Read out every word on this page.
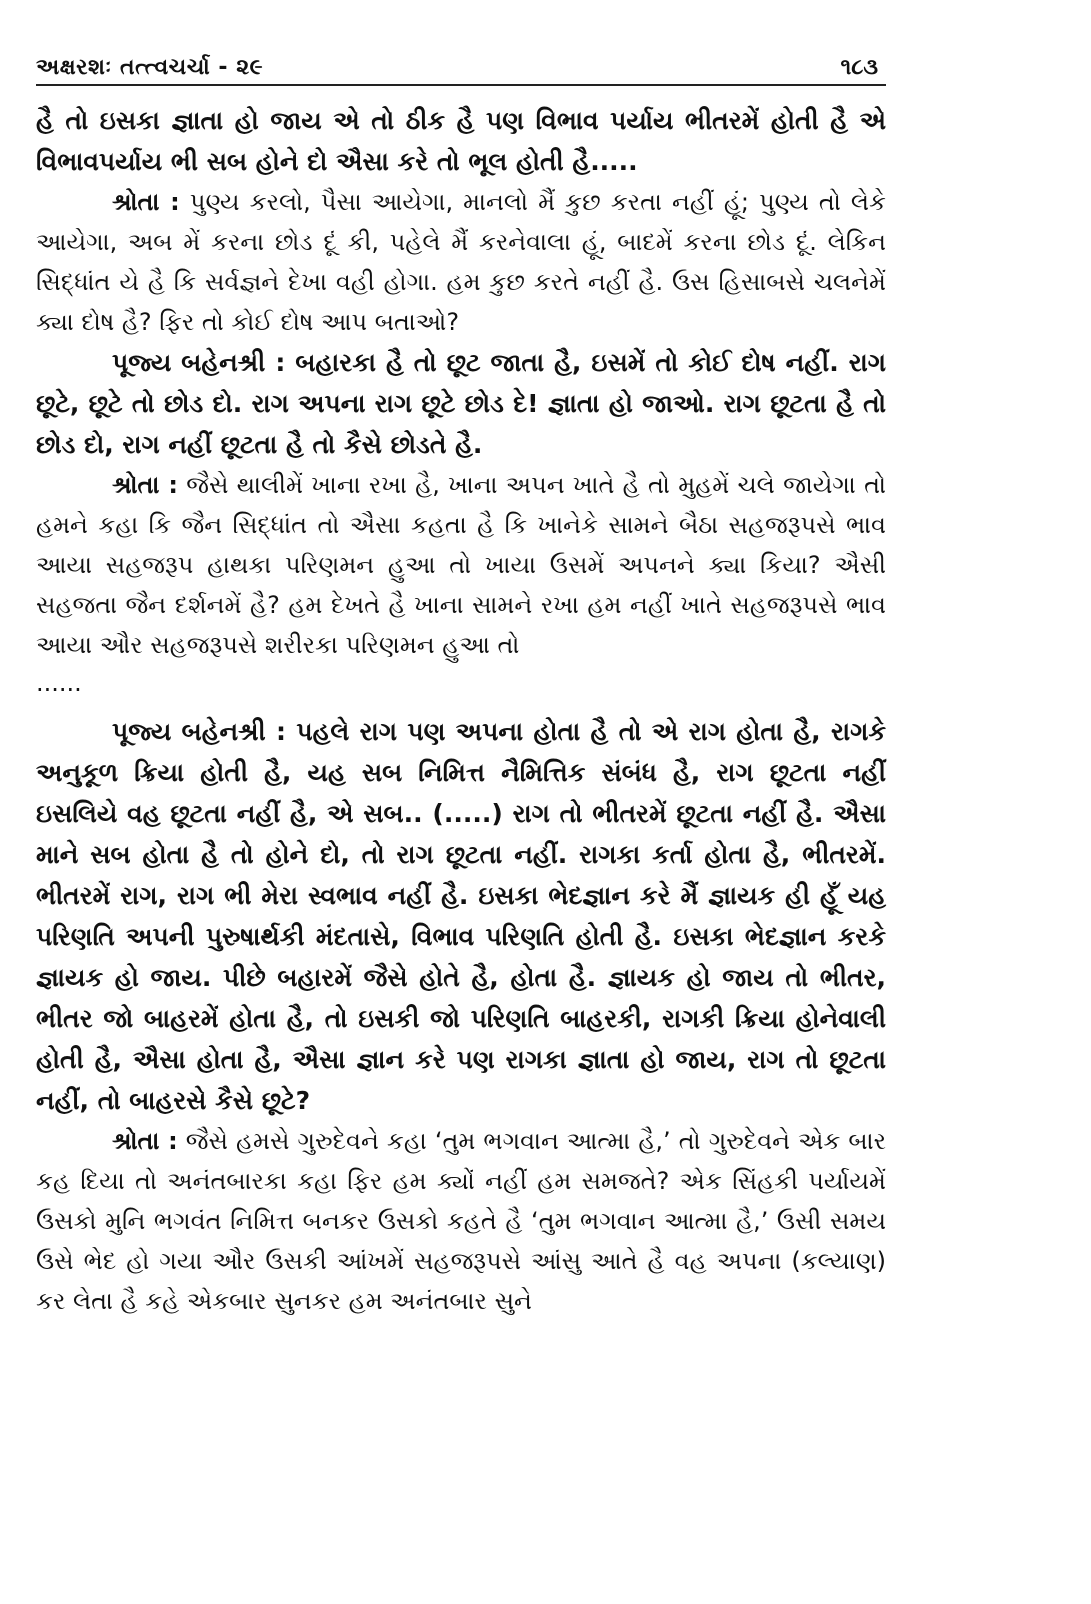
અક્ષરશઃ તત્ત્વચર્ચા - ૨૯	૧૮૩

હૈ તો ઇસકા જ્ઞાતા હો જાય એ તો ઠીક હૈ પણ વિભાવ પર્યાય ભીતરમેં હોતી હૈ એ વિભાવપર્યાય ભી સબ હોને દો ઐસા કરે તો ભૂલ હોતી હૈ.....

શ્રોતા : પુણ્ય કરલો, પૈસા આયેગા, માનલો મૈં કુછ કરતા નહીં હૂં; પુણ્ય તો લેકે આયેગા, અબ મેં કરના છોડ દૂં કી, પહેલે મૈં કરનેવાલા હૂં, બાદમેં કરના છોડ દૂં. લેકિન સિદ્ધાંત યે હૈ કિ સર્વજ્ઞને દેખા વહી હોગા. હમ કુછ કરતે નહીં હૈ. ઉસ હિસાબસે ચલનેમેં ક્યા દોષ હૈ? ફિર તો કોઈ દોષ આપ બતાઓ?

પૂજ્ય બહેનશ્રી : બહારકા હૈ તો છૂટ જાતા હૈ, ઇસમેં તો કોઈ દોષ નહીં. રાગ છૂટે, છૂટે તો છોડ દો. રાગ અપના રાગ છૂટે છોડ દે! જ્ઞાતા હો જાઓ. રાગ છૂટતા હૈ તો છોડ દો, રાગ નહીં છૂટતા હૈ તો કૈસે છોડતે હૈ.

શ્રોતા : જૈસે થાલીમેં ખાના રખા હૈ, ખાના અપન ખાતે હૈ તો મુહમેં ચલે જાયેગા તો હમને કહા કિ જૈન સિદ્ધાંત તો ઐસા કહતા હૈ કિ ખાનેકે સામને બૈઠા સહજરૂપસે ભાવ આયા સહજરૂપ હાથકા પરિણમન હુઆ તો ખાયા ઉસમેં અપનને ક્યા કિયા? ઐસી સહજતા જૈન દર્શનમેં હૈ? હમ દેખતે હૈ ખાના સામને રખા હમ નહીં ખાતે સહજરૂપસે ભાવ આયા ઔર સહજરૂપસે શરીરકા પરિણમન હુઆ તો

......

પૂજ્ય બહેનશ્રી : પહલે રાગ પણ અપના હોતા હૈ તો એ રાગ હોતા હૈ, રાગકે અનુકૂળ ક્રિયા હોતી હૈ, યહ સબ નિમિત્ત નૈમિત્તિક સંબંધ હૈ, રાગ છૂટતા નહીં ઇસલિયે વહ છૂટતા નહીં હૈ, એ સબ.. (.....) રાગ તો ભીતરમેં છૂટતા નહીં હૈ. ઐસા માને સબ હોતા હૈ તો હોને દો, તો રાગ છૂટતા નહીં. રાગકા કર્તા હોતા હૈ, ભીતરમેં. ભીતરમેં રાગ, રાગ ભી મેરા સ્વભાવ નહીં હૈ. ઇસકા ભેદજ્ઞાન કરે મૈં જ્ઞાયક હી હૂઁ યહ પરિણતિ અપની પુરુષાર્થકી મંદતાસે, વિભાવ પરિણતિ હોતી હૈ. ઇસકા ભેદજ્ઞાન કરકે જ્ઞાયક હો જાય. પીછે બહારમેં જૈસે હોતે હૈ, હોતા હૈ. જ્ઞાયક હો જાય તો ભીતર, ભીતર જો બાહરમેં હોતા હૈ, તો ઇસકી જો પરિણતિ બાહરકી, રાગકી ક્રિયા હોનેવાલી હોતી હૈ, ઐસા હોતા હૈ, ઐસા જ્ઞાન કરે પણ રાગકા જ્ઞાતા હો જાય, રાગ તો છૂટતા નહીં, તો બાહરસે કૈસે છૂટે?

શ્રોતા : જૈસે હમસે ગુરુદેવને કહા ‘તુમ ભગવાન આત્મા હૈ,’ તો ગુરુદેવને એક બાર કહ દિયા તો અનંતબારકા કહા ફિર હમ ક્યોં નહીં હમ સમજતે? એક સિંહકી પર્યાયમેં ઉસકો મુનિ ભગવંત નિમિત્ત બનકર ઉસકો કહતે હૈ ‘તુમ ભગવાન આત્મા હૈ,’ ઉસી સમય ઉસે ભેદ હો ગયા ઔર ઉસકી આંખમેં સહજરૂપસે આંસુ આતે હૈ વહ અપના (કલ્યાણ) કર લેતા હૈ કહે એકબાર સુનકર હમ અનંતબાર સુને
